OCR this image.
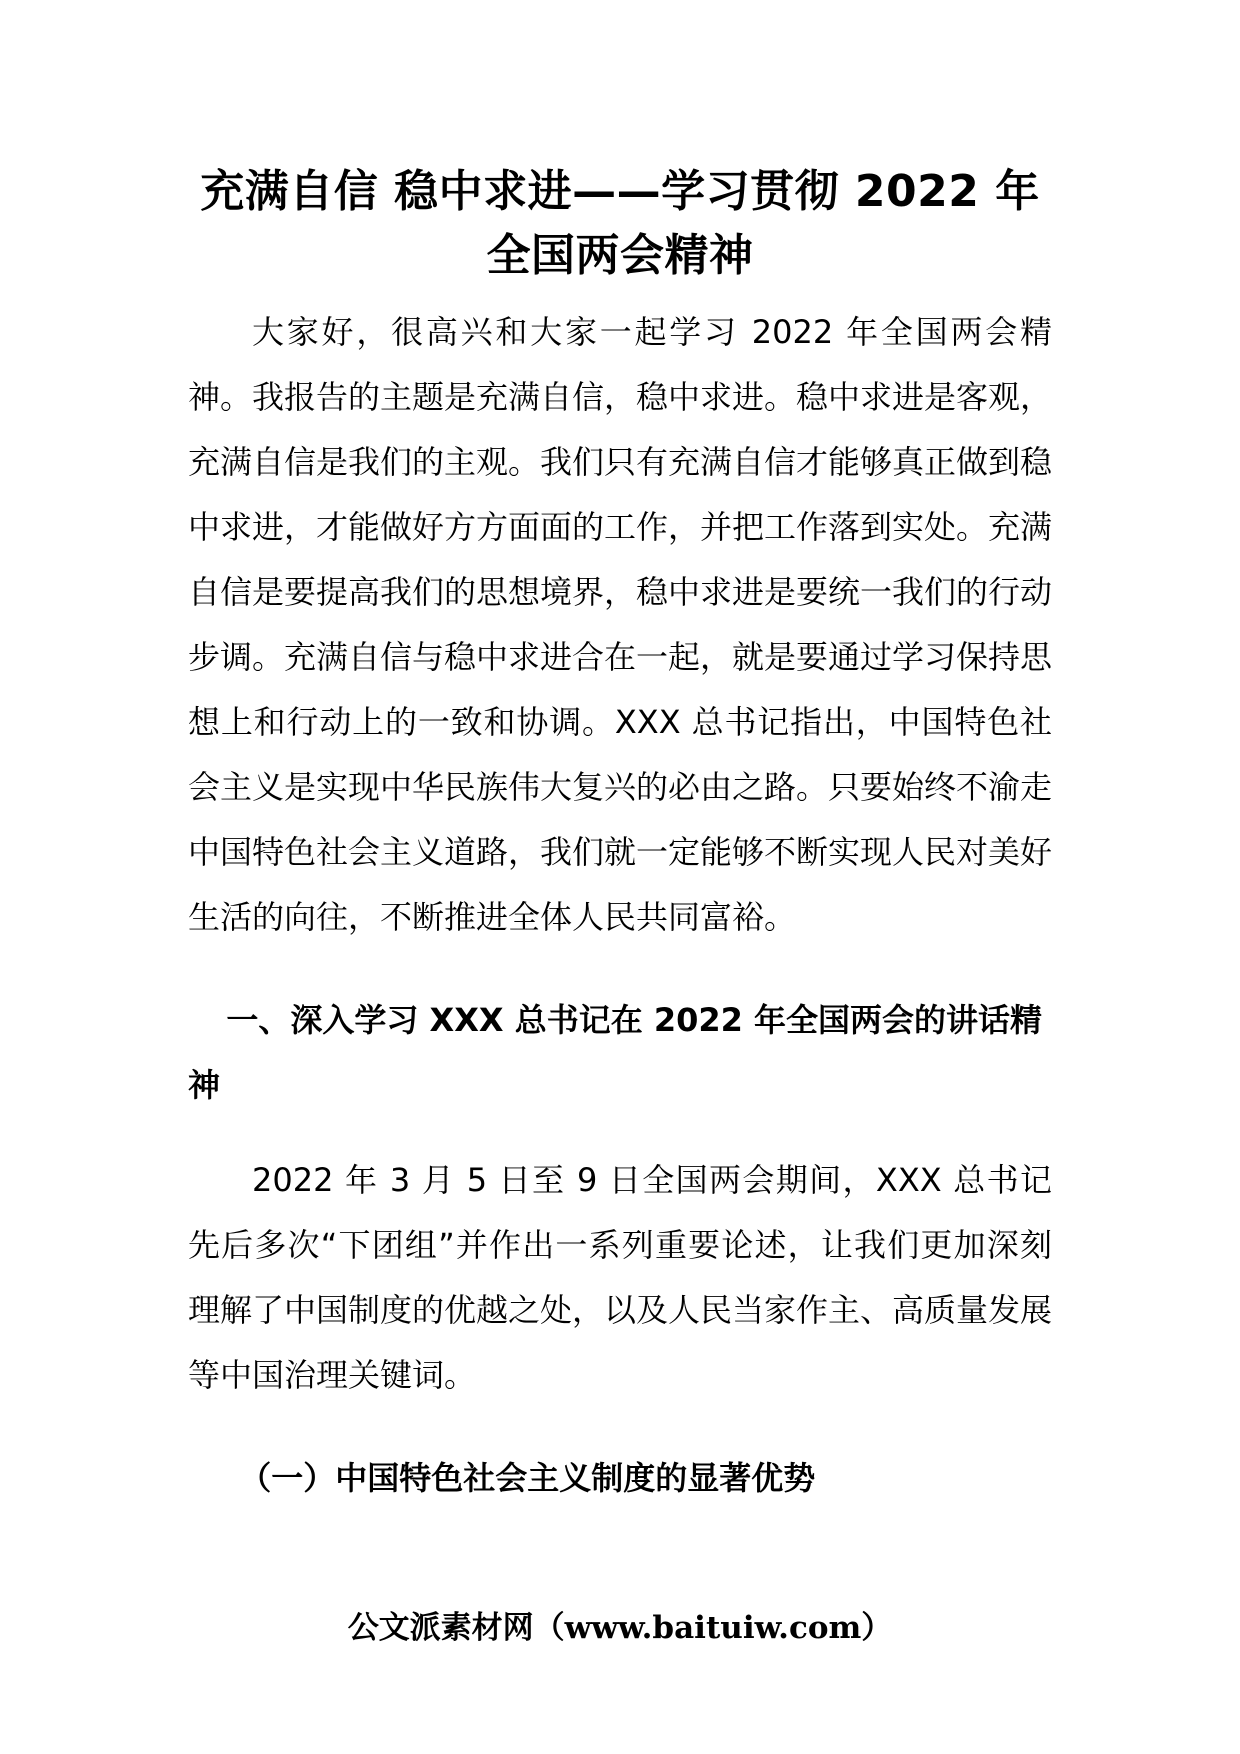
充满自信 稳中求进——学习贯彻 2022 年全国两会精神

大家好，很高兴和大家一起学习 2022 年全国两会精神。我报告的主题是充满自信，稳中求进。稳中求进是客观，充满自信是我们的主观。我们只有充满自信才能够真正做到稳中求进，才能做好方方面面的工作，并把工作落到实处。充满自信是要提高我们的思想境界，稳中求进是要统一我们的行动步调。充满自信与稳中求进合在一起，就是要通过学习保持思想上和行动上的一致和协调。XXX 总书记指出，中国特色社会主义是实现中华民族伟大复兴的必由之路。只要始终不渝走中国特色社会主义道路，我们就一定能够不断实现人民对美好生活的向往，不断推进全体人民共同富裕。

一、深入学习 XXX 总书记在 2022 年全国两会的讲话精神

2022 年 3 月 5 日至 9 日全国两会期间，XXX 总书记先后多次“下团组”并作出一系列重要论述，让我们更加深刻理解了中国制度的优越之处，以及人民当家作主、高质量发展等中国治理关键词。

（一）中国特色社会主义制度的显著优势

公文派素材网（www.baituiw.com）
